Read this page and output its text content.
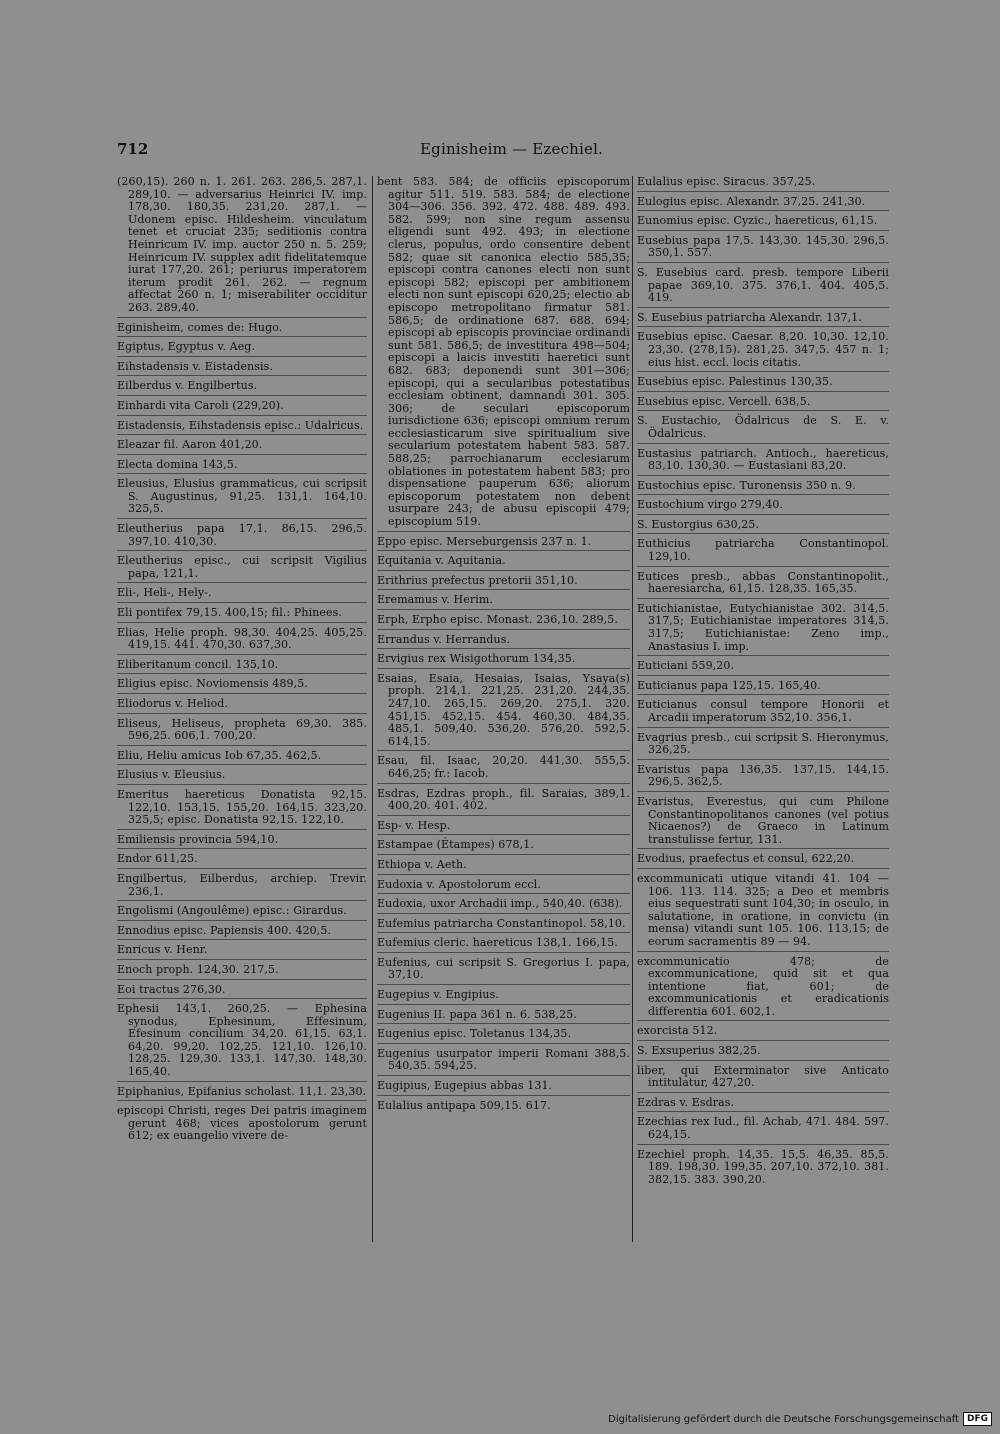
712	Eginisheim — Ezechiel.

(260,15). 260 n. 1. 261. 263. 286,5. 287,1. 289,10. — adversarius Heinrici IV. imp. 178,30. 180,35. 231,20. 287,1. — Udonem episc. Hildesheim. vinculatum tenet et cruciat 235; seditionis contra Heinricum IV. imp. auctor 250 n. 5. 259; Heinricum IV. supplex adit fidelitatemque iurat 177,20. 261; periurus imperatorem iterum prodit 261. 262. — regnum affectat 260 n. 1; miserabiliter occiditur 263. 289,40.

Eginisheim, comes de: Hugo.

Egiptus, Egyptus v. Aeg.

Eihstadensis v. Eistadensis.

Eilberdus v. Engilbertus.

Einhardi vita Caroli (229,20).

Eistadensis, Eihstadensis episc.: Udalricus.

Eleazar fil. Aaron 401,20.

Electa domina 143,5.

Eleusius, Elusius grammaticus, cui scripsit S. Augustinus, 91,25. 131,1. 164,10. 325,5.

Eleutherius papa 17,1. 86,15. 296,5. 397,10. 410,30.

Eleutherius episc., cui scripsit Vigilius papa, 121,1.

Eli-, Heli-, Hely-.

Eli pontifex 79,15. 400,15; fil.: Phinees.

Elias, Helie proph. 98,30. 404,25. 405,25. 419,15. 441. 470,30. 637,30.

Eliberitanum concil. 135,10.

Eligius episc. Noviomensis 489,5.

Eliodorus v. Heliod.

Eliseus, Heliseus, propheta 69,30. 385. 596,25. 606,1. 700,20.

Eliu, Heliu amicus Iob 67,35. 462,5.

Elusius v. Eleusius.

Emeritus haereticus Donatista 92,15. 122,10. 153,15. 155,20. 164,15. 323,20. 325,5; episc. Donatista 92,15. 122,10.

Emiliensis provincia 594,10.

Endor 611,25.

Engilbertus, Eilberdus, archiep. Trevir. 236,1.

Engolismi (Angoulême) episc.: Girardus.

Ennodius episc. Papiensis 400. 420,5.

Enricus v. Henr.

Enoch proph. 124,30. 217,5.

Eoi tractus 276,30.

Ephesii 143,1. 260,25. — Ephesina synodus, Ephesinum, Effesinum, Efesinum concilium 34,20. 61,15. 63,1. 64,20. 99,20. 102,25. 121,10. 126,10. 128,25. 129,30. 133,1. 147,30. 148,30. 165,40.

Epiphanius, Epifanius scholast. 11,1. 23,30.

episcopi Christi, reges Dei patris imaginem gerunt 468; vices apostolorum gerunt 612; ex euangelio vivere de-

bent 583. 584; de officiis episcoporum agitur 511. 519. 583. 584; de electione 304—306. 356. 392. 472. 488. 489. 493. 582. 599; non sine regum assensu eligendi sunt 492. 493; in electione clerus, populus, ordo consentire debent 582; quae sit canonica electio 585,35; episcopi contra canones electi non sunt episcopi 582; episcopi per ambitionem electi non sunt episcopi 620,25; electio ab episcopo metropolitano firmatur 581. 586,5; de ordinatione 687. 688. 694; episcopi ab episcopis provinciae ordinandi sunt 581. 586,5; de investitura 498—504; episcopi a laicis investiti haeretici sunt 682. 683; deponendi sunt 301—306; episcopi, qui a secularibus potestatibus ecclesiam obtinent, damnandi 301. 305. 306; de seculari episcoporum iurisdictione 636; episcopi omnium rerum ecclesiasticarum sive spiritualium sive secularium potestatem habent 583. 587. 588,25; parrochianarum ecclesiarum oblationes in potestatem habent 583; pro dispensatione pauperum 636; aliorum episcoporum potestatem non debent usurpare 243; de abusu episcopii 479; episcopium 519.

Eppo episc. Merseburgensis 237 n. 1.

Equitania v. Aquitania.

Erithrius prefectus pretorii 351,10.

Eremamus v. Herim.

Erph, Erpho episc. Monast. 236,10. 289,5.

Errandus v. Herrandus.

Ervigius rex Wisigothorum 134,35.

Esaias, Esaia, Hesaias, Isaias, Ysaya(s) proph. 214,1. 221,25. 231,20. 244,35. 247,10. 265,15. 269,20. 275,1. 320. 451,15. 452,15. 454. 460,30. 484,35. 485,1. 509,40. 536,20. 576,20. 592,5. 614,15.

Esau, fil. Isaac, 20,20. 441,30. 555,5. 646,25; fr.: Iacob.

Esdras, Ezdras proph., fil. Saraias, 389,1. 400,20. 401. 402.

Esp- v. Hesp.

Estampae (Étampes) 678,1.

Ethiopa v. Aeth.

Eudoxia v. Apostolorum eccl.

Eudoxia, uxor Archadii imp., 540,40. (638).

Eufemius patriarcha Constantinopol. 58,10.

Eufemius cleric. haereticus 138,1. 166,15.

Eufenius, cui scripsit S. Gregorius I. papa, 37,10.

Eugepius v. Engipius.

Eugenius II. papa 361 n. 6. 538,25.

Eugenius episc. Toletanus 134,35.

Eugenius usurpator imperii Romani 388,5. 540,35. 594,25.

Eugipius, Eugepius abbas 131.

Eulalius antipapa 509,15. 617.

Eulalius episc. Siracus. 357,25.

Eulogius episc. Alexandr. 37,25. 241,30.

Eunomius episc. Cyzic., haereticus, 61,15.

Eusebius papa 17,5. 143,30. 145,30. 296,5. 350,1. 557.

S. Eusebius card. presb. tempore Liberii papae 369,10. 375. 376,1. 404. 405,5. 419.

S. Eusebius patriarcha Alexandr. 137,1.

Eusebius episc. Caesar. 8,20. 10,30. 12,10. 23,30. (278,15). 281,25. 347,5. 457 n. 1; eius hist. eccl. locis citatis.

Eusebius episc. Palestinus 130,35.

Eusebius episc. Vercell. 638,5.

S. Eustachio, Ödalricus de S. E. v. Ödalricus.

Eustasius patriarch. Antioch., haereticus, 83,10. 130,30. — Eustasiani 83,20.

Eustochius episc. Turonensis 350 n. 9.

Eustochium virgo 279,40.

S. Eustorgius 630,25.

Euthicius patriarcha Constantinopol. 129,10.

Eutices presb., abbas Constantinopolit., haeresiarcha, 61,15. 128,35. 165,35.

Eutichianistae, Eutychianistae 302. 314,5. 317,5; Eutichianistae imperatores 314,5. 317,5; Eutichianistae: Zeno imp., Anastasius I. imp.

Euticiani 559,20.

Euticianus papa 125,15. 165,40.

Euticianus consul tempore Honorii et Arcadii imperatorum 352,10. 356,1.

Evagrius presb., cui scripsit S. Hieronymus, 326,25.

Evaristus papa 136,35. 137,15. 144,15. 296,5. 362,5.

Evaristus, Everestus, qui cum Philone Constantinopolitanos canones (vel potius Nicaenos?) de Graeco in Latinum transtulisse fertur, 131.

Evodius, praefectus et consul, 622,20.

excommunicati utique vitandi 41. 104 — 106. 113. 114. 325; a Deo et membris eius sequestrati sunt 104,30; in osculo, in salutatione, in oratione, in convictu (in mensa) vitandi sunt 105. 106. 113,15; de eorum sacramentis 89 — 94.

excommunicatio 478; de excommunicatione, quid sit et qua intentione fiat, 601; de excommunicationis et eradicationis differentia 601. 602,1.

exorcista 512.

S. Exsuperius 382,25.

liber, qui Exterminator sive Anticato intitulatur, 427,20.

Ezdras v. Esdras.

Ezechias rex Iud., fil. Achab, 471. 484. 597. 624,15.

Ezechiel proph. 14,35. 15,5. 46,35. 85,5. 189. 198,30. 199,35. 207,10. 372,10. 381. 382,15. 383. 390,20.

Digitalisierung gefördert durch die Deutsche Forschungsgemeinschaft DFG
